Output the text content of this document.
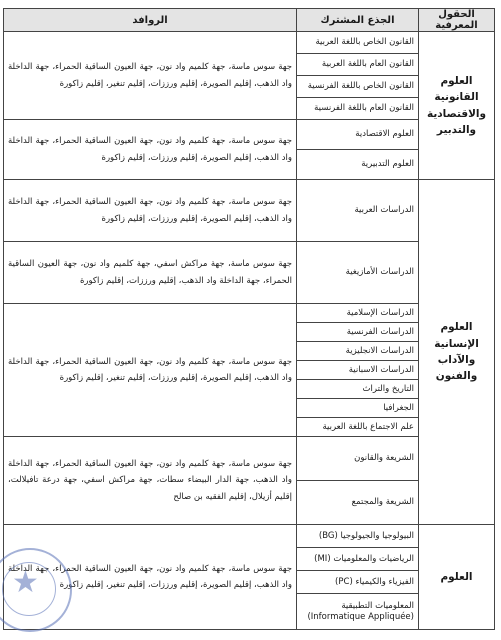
الحقول المعرفية	الجذع المشترك	الروافد
العلوم القانونية والاقتصادية والتدبير	القانون الخاص باللغة العربية	جهة سوس ماسة، جهة كلميم واد نون، جهة العيون الساقية الحمراء، جهة الداخلة واد الذهب، إقليم الصويرة، إقليم ورززات، إقليم تنغير، إقليم زاكورة
	القانون العام باللغة العربية	
	القانون الخاص باللغة الفرنسية	
	القانون العام باللغة الفرنسية	
	العلوم الاقتصادية	جهة سوس ماسة، جهة كلميم واد نون، جهة العيون الساقية الحمراء، جهة الداخلة واد الذهب، إقليم الصويرة، إقليم ورززات، إقليم زاكورة
	العلوم التدبيرية	
العلوم الإنسانية والآداب والفنون	الدراسات العربية	جهة سوس ماسة، جهة كلميم واد نون، جهة العيون الساقية الحمراء، جهة الداخلة واد الذهب، إقليم الصويرة، إقليم ورززات، إقليم زاكورة
	الدراسات الأمازيغية	جهة سوس ماسة، جهة مراكش اسفي، جهة كلميم واد نون، جهة العيون الساقية الحمراء، جهة الداخلة واد الذهب، إقليم ورززات، إقليم زاكورة
	الدراسات الإسلامية	جهة سوس ماسة، جهة كلميم واد نون، جهة العيون الساقية الحمراء، جهة الداخلة واد الذهب، إقليم الصويرة، إقليم ورززات، إقليم تنغير، إقليم زاكورة
	الدراسات الفرنسية	
	الدراسات الانجليزية	
	الدراسات الاسبانية	
	التاريخ والتراث	
	الجغرافيا	
	علم الاجتماع باللغة العربية	
	الشريعة والقانون	جهة سوس ماسة، جهة كلميم واد نون، جهة العيون الساقية الحمراء، جهة الداخلة واد الذهب، جهة الدار البيضاء سطات، جهة مراكش اسفي، جهة درعة تافيلالت، إقليم أزيلال، إقليم الفقيه بن صالح
	الشريعة والمجتمع	
العلوم	البيولوجيا والجيولوجيا (BG)	جهة سوس ماسة، جهة كلميم واد نون، جهة العيون الساقية الحمراء، جهة الداخلة واد الذهب، إقليم الصويرة، إقليم ورززات، إقليم تنغير، إقليم زاكورة
	الرياضيات والمعلوميات (MI)	
	الفيزياء والكيمياء (PC)	
	المعلوميات التطبيقية (Informatique Appliquée)	
★
